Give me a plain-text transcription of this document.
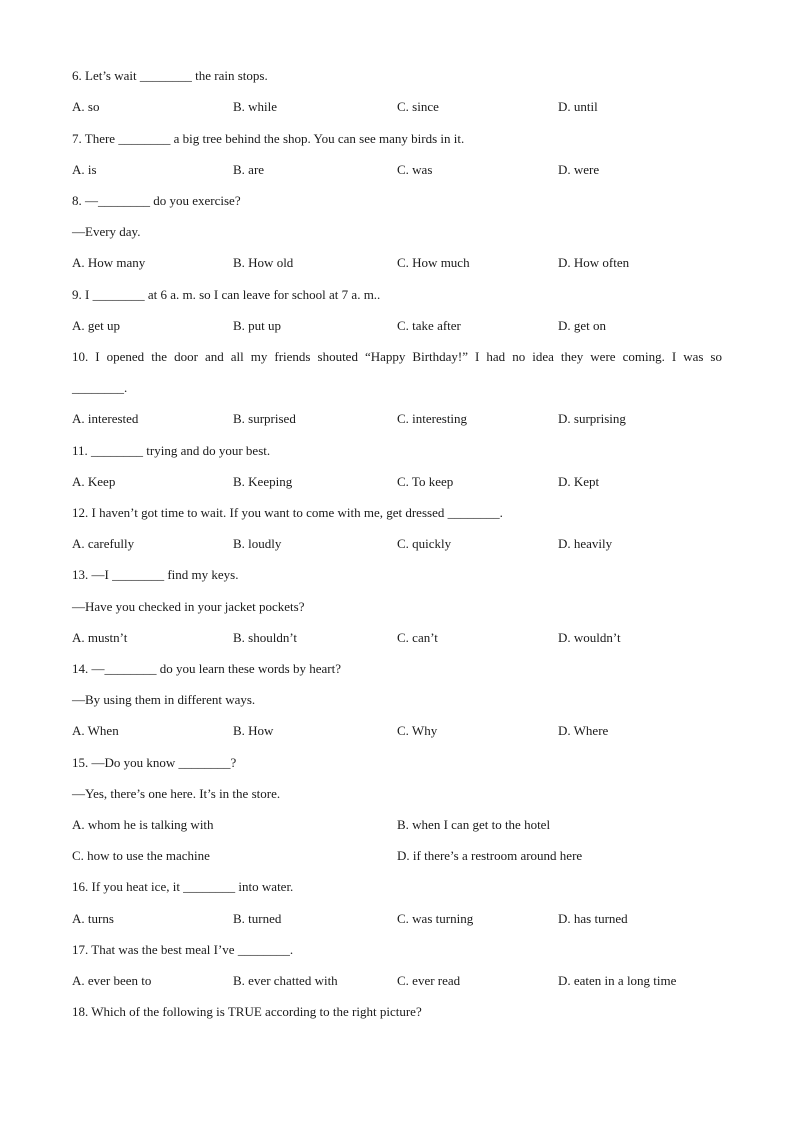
6. Let’s wait ________ the rain stops.
A. so	B. while	C. since	D. until
7. There ________ a big tree behind the shop. You can see many birds in it.
A. is	B. are	C. was	D. were
8. —________ do you exercise?
—Every day.
A. How many	B. How old	C. How much	D. How often
9. I ________ at 6 a. m. so I can leave for school at 7 a. m..
A. get up	B. put up	C. take after	D. get on
10. I opened the door and all my friends shouted “Happy Birthday!” I had no idea they were coming. I was so
________.
A. interested	B. surprised	C. interesting	D. surprising
11. ________ trying and do your best.
A. Keep	B. Keeping	C. To keep	D. Kept
12. I haven’t got time to wait. If you want to come with me, get dressed ________.
A. carefully	B. loudly	C. quickly	D. heavily
13. —I ________ find my keys.
—Have you checked in your jacket pockets?
A. mustn’t	B. shouldn’t	C. can’t	D. wouldn’t
14. —________ do you learn these words by heart?
—By using them in different ways.
A. When	B. How	C. Why	D. Where
15. —Do you know ________?
—Yes, there’s one here. It’s in the store.
A. whom he is talking with	B. when I can get to the hotel
C. how to use the machine	D. if there’s a restroom around here
16. If you heat ice, it ________ into water.
A. turns	B. turned	C. was turning	D. has turned
17. That was the best meal I’ve ________.
A. ever been to	B. ever chatted with	C. ever read	D. eaten in a long time
18. Which of the following is TRUE according to the right picture?
